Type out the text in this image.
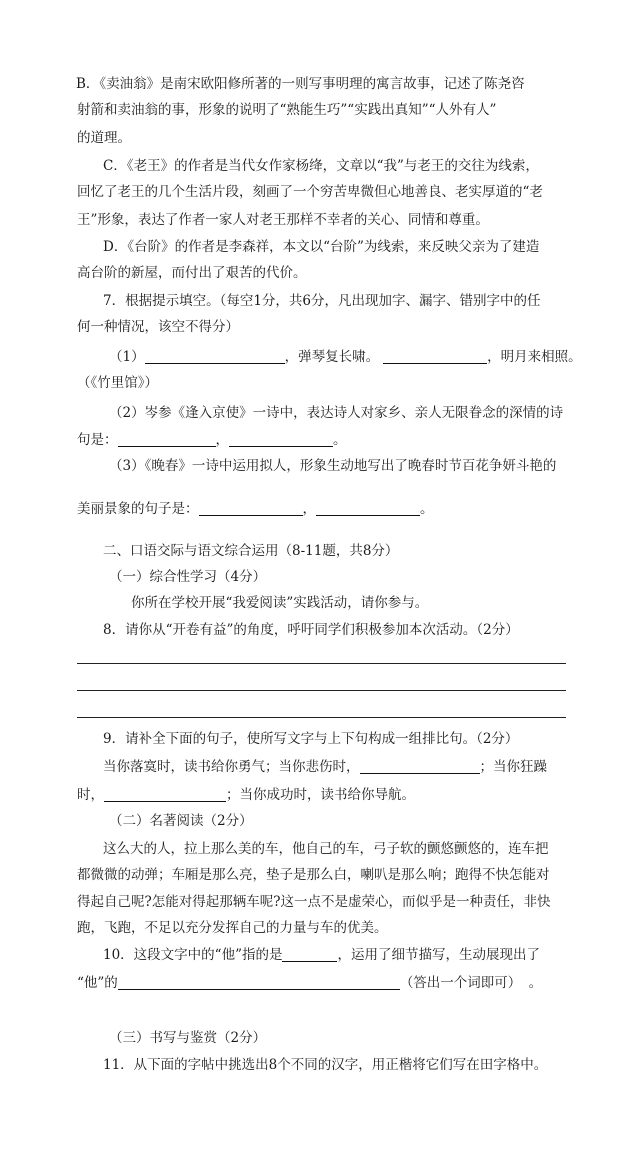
B．《卖油翁》是南宋欧阳修所著的一则写事明理的寓言故事，记述了陈尧咨
射箭和卖油翁的事，形象的说明了“熟能生巧”“实践出真知”“人外有人”
的道理。
C．《老王》的作者是当代女作家杨绛，文章以“我”与老王的交往为线索，
回忆了老王的几个生活片段，刻画了一个穷苦卑微但心地善良、老实厚道的“老
王”形象，表达了作者一家人对老王那样不幸者的关心、同情和尊重。
D．《台阶》的作者是李森祥，本文以“台阶”为线索，来反映父亲为了建造
高台阶的新屋，而付出了艰苦的代价。
7．根据提示填空。（每空1分，共6分，凡出现加字、漏字、错别字中的任
何一种情况，该空不得分）
（1）	，弹琴复长啸。	，明月来相照。
（《竹里馆》）
（2）岑参《逢入京使》一诗中，表达诗人对家乡、亲人无限眷念的深情的诗
句是：	，	。
（3）《晚春》一诗中运用拟人，形象生动地写出了晚春时节百花争妍斗艳的
美丽景象的句子是：	，	。
二、口语交际与语文综合运用（8-11题，共8分）
（一）综合性学习（4分）
你所在学校开展“我爱阅读”实践活动，请你参与。
8．请你从“开卷有益”的角度，呼吁同学们积极参加本次活动。（2分）
9．请补全下面的句子，使所写文字与上下句构成一组排比句。（2分）
当你落寞时，读书给你勇气；当你悲伤时，	；当你狂躁
时，	；当你成功时，读书给你导航。
（二）名著阅读（2分）
这么大的人，拉上那么美的车，他自己的车，弓子软的颤悠颤悠的，连车把
都微微的动弹；车厢是那么亮，垫子是那么白，喇叭是那么响；跑得不快怎能对
得起自己呢?怎能对得起那辆车呢?这一点不是虚荣心，而似乎是一种责任，非快
跑，飞跑，不足以充分发挥自己的力量与车的优美。
10．这段文字中的“他”指的是	，运用了细节描写，生动展现出了
“他”的	（答出一个词即可） 。
（三）书写与鉴赏（2分）
11．从下面的字帖中挑选出8个不同的汉字，用正楷将它们写在田字格中。
